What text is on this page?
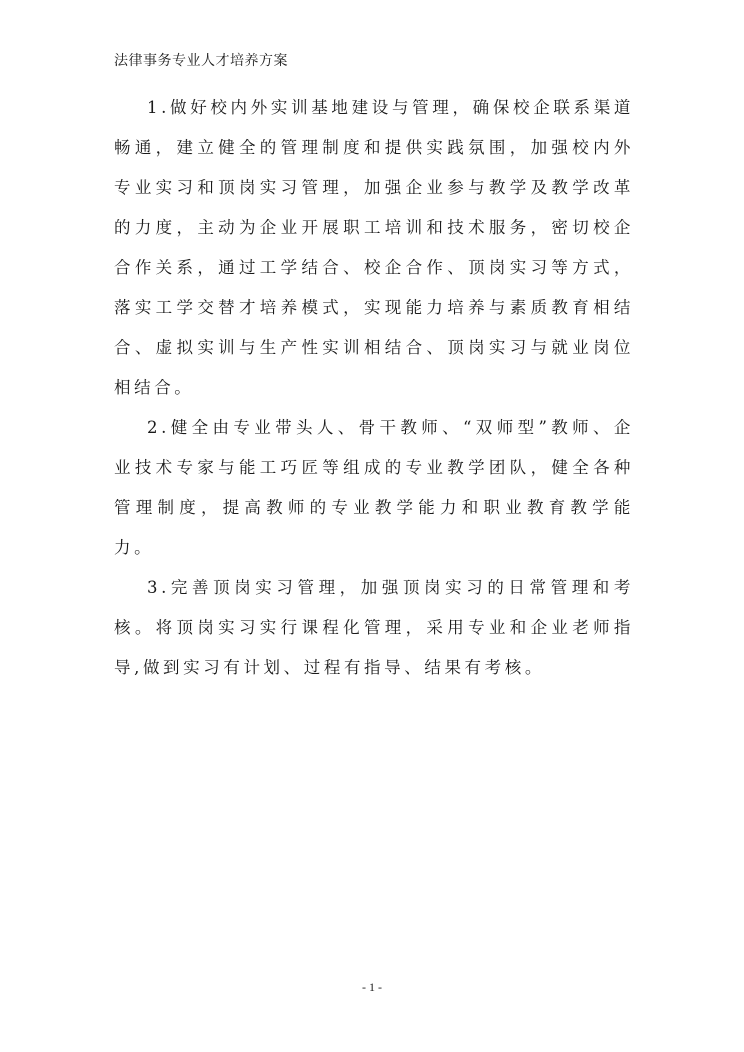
法律事务专业人才培养方案

1.做好校内外实训基地建设与管理，确保校企联系渠道畅通，建立健全的管理制度和提供实践氛围，加强校内外专业实习和顶岗实习管理，加强企业参与教学及教学改革的力度，主动为企业开展职工培训和技术服务，密切校企合作关系，通过工学结合、校企合作、顶岗实习等方式，落实工学交替才培养模式，实现能力培养与素质教育相结合、虚拟实训与生产性实训相结合、顶岗实习与就业岗位相结合。

2.健全由专业带头人、骨干教师、“双师型”教师、企业技术专家与能工巧匠等组成的专业教学团队，健全各种管理制度，提高教师的专业教学能力和职业教育教学能力。

3.完善顶岗实习管理，加强顶岗实习的日常管理和考核。将顶岗实习实行课程化管理，采用专业和企业老师指导,做到实习有计划、过程有指导、结果有考核。

- 1 -
